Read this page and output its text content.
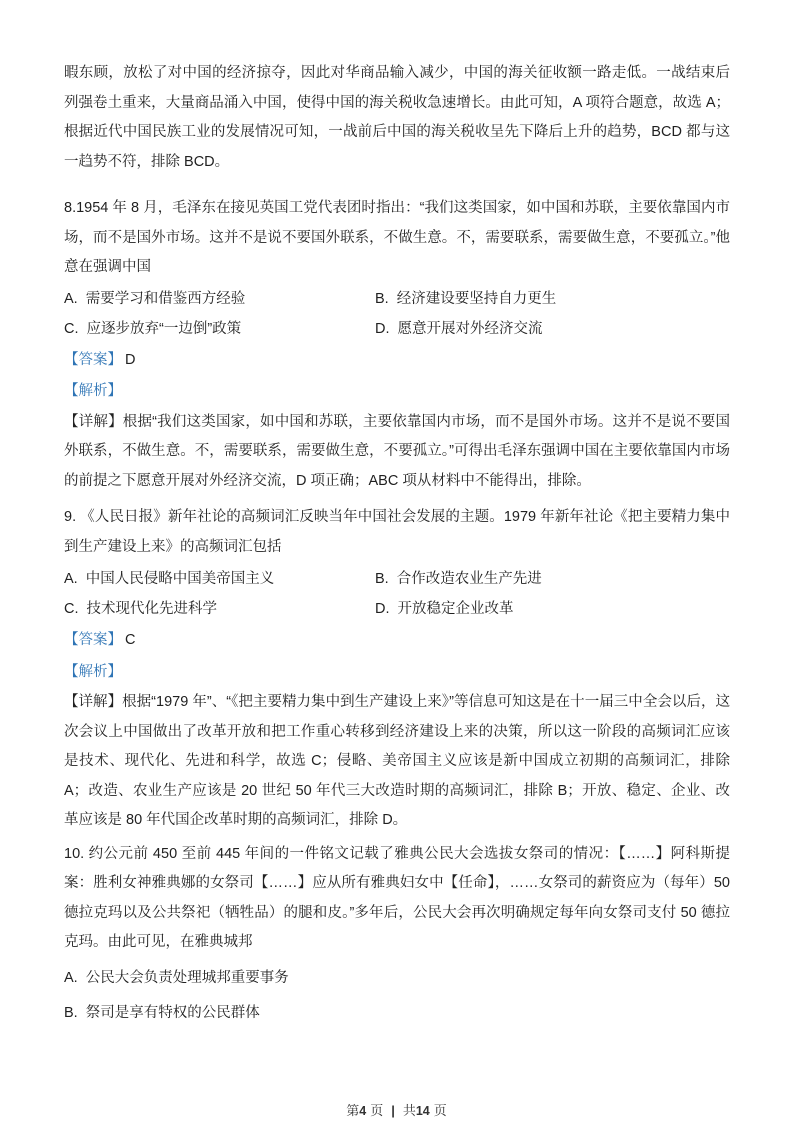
暇东顾，放松了对中国的经济掠夺，因此对华商品输入减少，中国的海关征收额一路走低。一战结束后列强卷土重来，大量商品涌入中国，使得中国的海关税收急速增长。由此可知，A 项符合题意，故选 A；根据近代中国民族工业的发展情况可知，一战前后中国的海关税收呈先下降后上升的趋势，BCD 都与这一趋势不符，排除 BCD。

8.1954 年 8 月，毛泽东在接见英国工党代表团时指出：“我们这类国家，如中国和苏联，主要依靠国内市场，而不是国外市场。这并不是说不要国外联系，不做生意。不，需要联系，需要做生意，不要孤立。”他意在强调中国

A. 需要学习和借鉴西方经验	B. 经济建设要坚持自力更生
C. 应逐步放弃“一边倒”政策	D. 愿意开展对外经济交流

【答案】 D

【解析】

【详解】根据“我们这类国家，如中国和苏联，主要依靠国内市场，而不是国外市场。这并不是说不要国外联系，不做生意。不，需要联系，需要做生意，不要孤立。”可得出毛泽东强调中国在主要依靠国内市场的前提之下愿意开展对外经济交流，D 项正确；ABC 项从材料中不能得出，排除。

9. 《人民日报》新年社论的高频词汇反映当年中国社会发展的主题。1979 年新年社论《把主要精力集中到生产建设上来》的高频词汇包括

A. 中国人民侵略中国美帝国主义	B. 合作改造农业生产先进
C. 技术现代化先进科学	D. 开放稳定企业改革

【答案】 C

【解析】

【详解】根据“1979 年”、“《把主要精力集中到生产建设上来》”等信息可知这是在十一届三中全会以后，这次会议上中国做出了改革开放和把工作重心转移到经济建设上来的决策，所以这一阶段的高频词汇应该是技术、现代化、先进和科学，故选 C；侵略、美帝国主义应该是新中国成立初期的高频词汇，排除 A；改造、农业生产应该是 20 世纪 50 年代三大改造时期的高频词汇，排除 B；开放、稳定、企业、改革应该是 80 年代国企改革时期的高频词汇，排除 D。

10. 约公元前 450 至前 445 年间的一件铭文记载了雅典公民大会选拔女祭司的情况：【……】阿科斯提案：胜利女神雅典娜的女祭司【……】应从所有雅典妇女中【任命】，……女祭司的薪资应为（每年）50 德拉克玛以及公共祭祀（牺牲品）的腿和皮。”多年后，公民大会再次明确规定每年向女祭司支付 50 德拉克玛。由此可见，在雅典城邦

A. 公民大会负责处理城邦重要事务
B. 祭司是享有特权的公民群体
第4 页 | 共14 页
